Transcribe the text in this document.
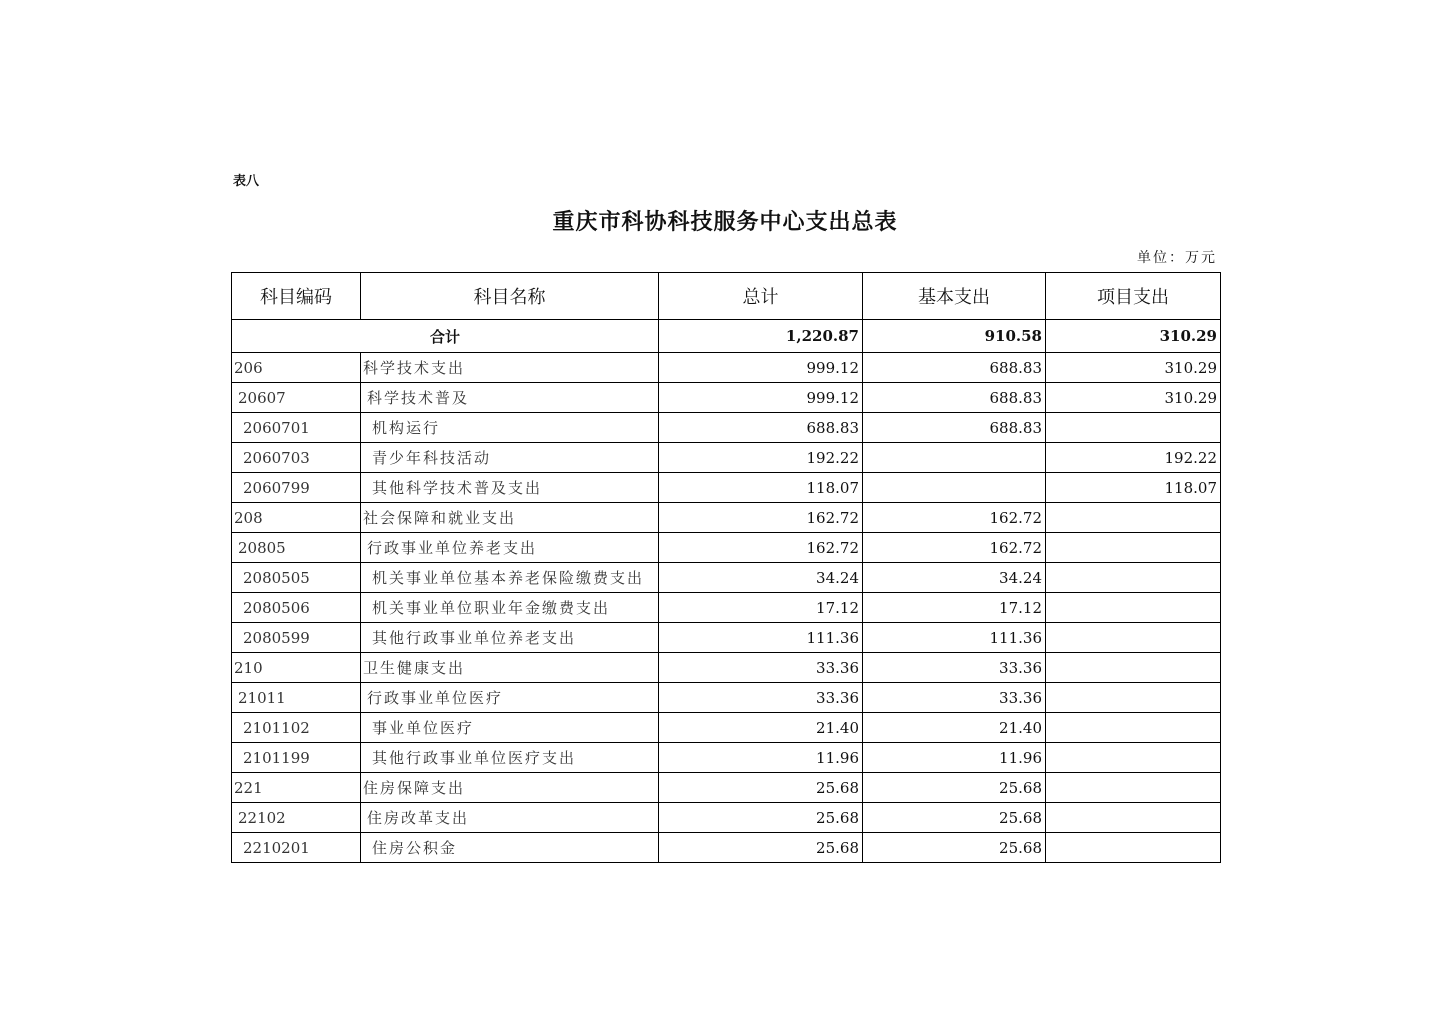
表八
重庆市科协科技服务中心支出总表
单位：万元
科目编码	科目名称	总计	基本支出	项目支出
合计		1,220.87	910.58	310.29
206	科学技术支出	999.12	688.83	310.29
20607	科学技术普及	999.12	688.83	310.29
2060701	机构运行	688.83	688.83	
2060703	青少年科技活动	192.22		192.22
2060799	其他科学技术普及支出	118.07		118.07
208	社会保障和就业支出	162.72	162.72	
20805	行政事业单位养老支出	162.72	162.72	
2080505	机关事业单位基本养老保险缴费支出	34.24	34.24	
2080506	机关事业单位职业年金缴费支出	17.12	17.12	
2080599	其他行政事业单位养老支出	111.36	111.36	
210	卫生健康支出	33.36	33.36	
21011	行政事业单位医疗	33.36	33.36	
2101102	事业单位医疗	21.40	21.40	
2101199	其他行政事业单位医疗支出	11.96	11.96	
221	住房保障支出	25.68	25.68	
22102	住房改革支出	25.68	25.68	
2210201	住房公积金	25.68	25.68	
